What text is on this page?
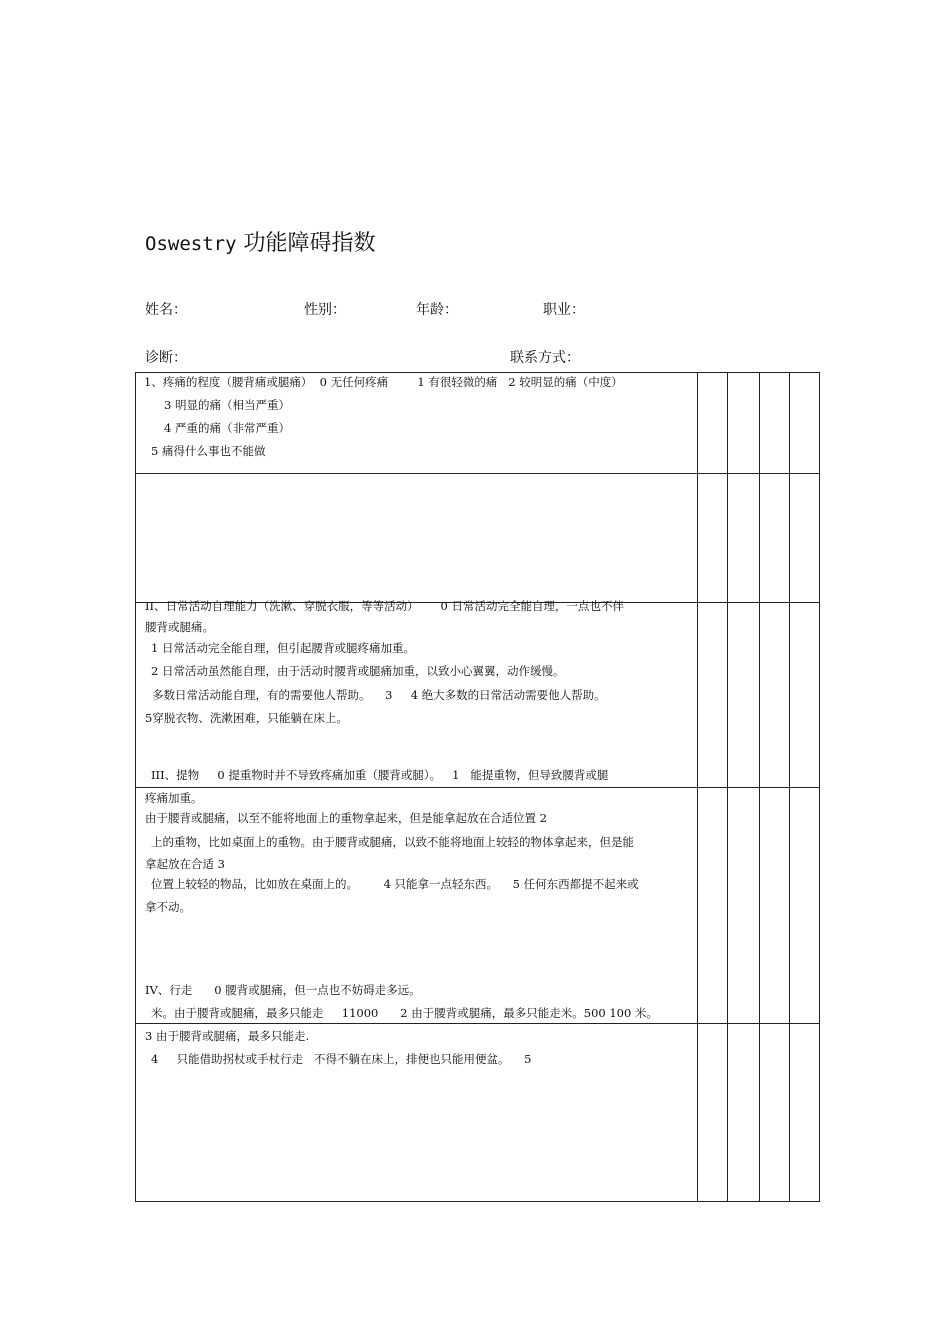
Oswestry 功能障碍指数
姓名：	性别：	年龄：	职业：
诊断：	联系方式：
1、疼痛的程度（腰背痛或腿痛）  0 无任何疼痛        1 有很轻微的痛   2 较明显的痛（中度）
3 明显的痛（相当严重）
4 严重的痛（非常严重）
5 痛得什么事也不能做
II、日常活动自理能力（洗漱、穿脱衣服，等等活动）      0 日常活动完全能自理，一点也不伴
腰背或腿痛。
1 日常活动完全能自理，但引起腰背或腿疼痛加重。
2 日常活动虽然能自理，由于活动时腰背或腿痛加重，以致小心翼翼，动作缓慢。
多数日常活动能自理，有的需要他人帮助。    3     4 绝大多数的日常活动需要他人帮助。
5穿脱衣物、洗漱困难，只能躺在床上。
III、提物     0 提重物时并不导致疼痛加重（腰背或腿）。   1   能提重物，但导致腰背或腿
疼痛加重。
由于腰背或腿痛，以至不能将地面上的重物拿起来，但是能拿起放在合适位置 2
上的重物，比如桌面上的重物。由于腰背或腿痛，以致不能将地面上较轻的物体拿起来，但是能
拿起放在合适 3
位置上较轻的物品，比如放在桌面上的。       4 只能拿一点轻东西。    5 任何东西都提不起来或
拿不动。
IV、行走      0 腰背或腿痛，但一点也不妨碍走多远。
米。由于腰背或腿痛，最多只能走     11000      2 由于腰背或腿痛，最多只能走米。500 100 米。
3 由于腰背或腿痛，最多只能走.
4     只能借助拐杖或手杖行走   不得不躺在床上，排便也只能用便盆。    5
